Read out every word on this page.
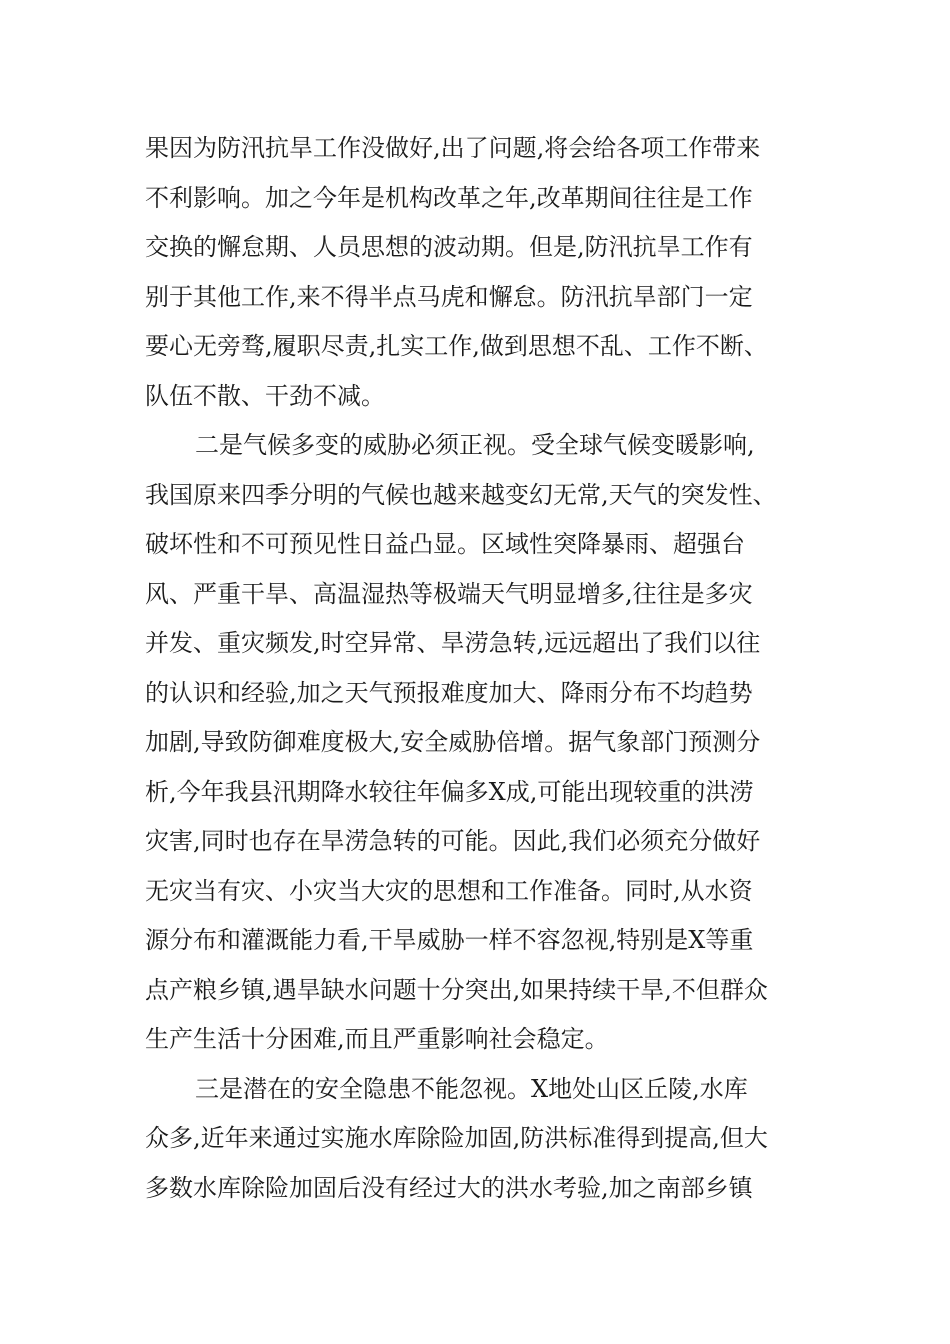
果因为防汛抗旱工作没做好,出了问题,将会给各项工作带来
不利影响。加之今年是机构改革之年,改革期间往往是工作
交换的懈怠期、人员思想的波动期。但是,防汛抗旱工作有
别于其他工作,来不得半点马虎和懈怠。防汛抗旱部门一定
要心无旁骛,履职尽责,扎实工作,做到思想不乱、工作不断、
队伍不散、干劲不减。
二是气候多变的威胁必须正视。受全球气候变暖影响,
我国原来四季分明的气候也越来越变幻无常,天气的突发性、
破坏性和不可预见性日益凸显。区域性突降暴雨、超强台
风、严重干旱、高温湿热等极端天气明显增多,往往是多灾
并发、重灾频发,时空异常、旱涝急转,远远超出了我们以往
的认识和经验,加之天气预报难度加大、降雨分布不均趋势
加剧,导致防御难度极大,安全威胁倍增。据气象部门预测分
析,今年我县汛期降水较往年偏多X成,可能出现较重的洪涝
灾害,同时也存在旱涝急转的可能。因此,我们必须充分做好
无灾当有灾、小灾当大灾的思想和工作准备。同时,从水资
源分布和灌溉能力看,干旱威胁一样不容忽视,特别是X等重
点产粮乡镇,遇旱缺水问题十分突出,如果持续干旱,不但群众
生产生活十分困难,而且严重影响社会稳定。
三是潜在的安全隐患不能忽视。X地处山区丘陵,水库
众多,近年来通过实施水库除险加固,防洪标准得到提高,但大
多数水库除险加固后没有经过大的洪水考验,加之南部乡镇
